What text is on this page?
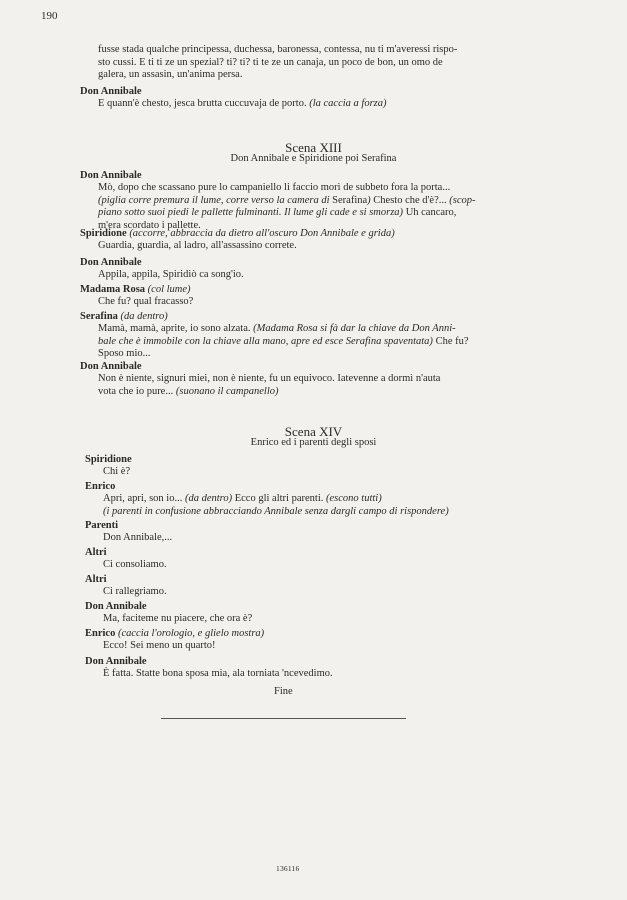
190
fusse stada qualche principessa, duchessa, baronessa, contessa, nu ti m'averessi rispo-
sto cussi. E ti ti ze un spezial? ti? ti? ti te ze un canaja, un poco de bon, un omo de
galera, un assasin, un'anima persa.
Don Annibale
E quann'è chesto, jesca brutta cuccuvaja de porto. (la caccia a forza)
Scena XIII
Don Annibale e Spiridione poi Serafina
Don Annibale
Mò, dopo che scassano pure lo campaniello li faccio morì de subbeto fora la porta...
(piglia corre premura il lume, corre verso la camera di Serafina) Chesto che d'è?... (scop-
piano sotto suoi piedi le pallette fulminanti. Il lume gli cade e si smorza) Uh cancaro,
m'era scordato i pallette.
Spiridione (accorre, abbraccia da dietro all'oscuro Don Annibale e grida)
Guardia, guardia, al ladro, all'assassino correte.
Don Annibale
Appila, appila, Spiridiò ca song'io.
Madama Rosa (col lume)
Che fu? qual fracasso?
Serafina (da dentro)
Mamà, mamà, aprite, io sono alzata. (Madama Rosa si fà dar la chiave da Don Anni-
bale che è immobile con la chiave alla mano, apre ed esce Serafina spaventata) Che fu?
Sposo mio...
Don Annibale
Non è niente, signuri miei, non è niente, fu un equivoco. Iatevenne a dormì n'auta
vota che io pure... (suonano il campanello)
Scena XIV
Enrico ed i parenti degli sposi
Spiridione
Chi è?
Enrico
Apri, apri, son io... (da dentro) Ecco gli altri parenti. (escono tutti)
(i parenti in confusione abbracciando Annibale senza dargli campo di rispondere)
Parenti
Don Annibale,...
Altri
Ci consoliamo.
Altri
Ci rallegriamo.
Don Annibale
Ma, faciteme nu piacere, che ora è?
Enrico (caccia l'orologio, e glielo mostra)
Ecco! Sei meno un quarto!
Don Annibale
È fatta. Statte bona sposa mia, ala torniata 'ncevedimo.
Fine
136116
